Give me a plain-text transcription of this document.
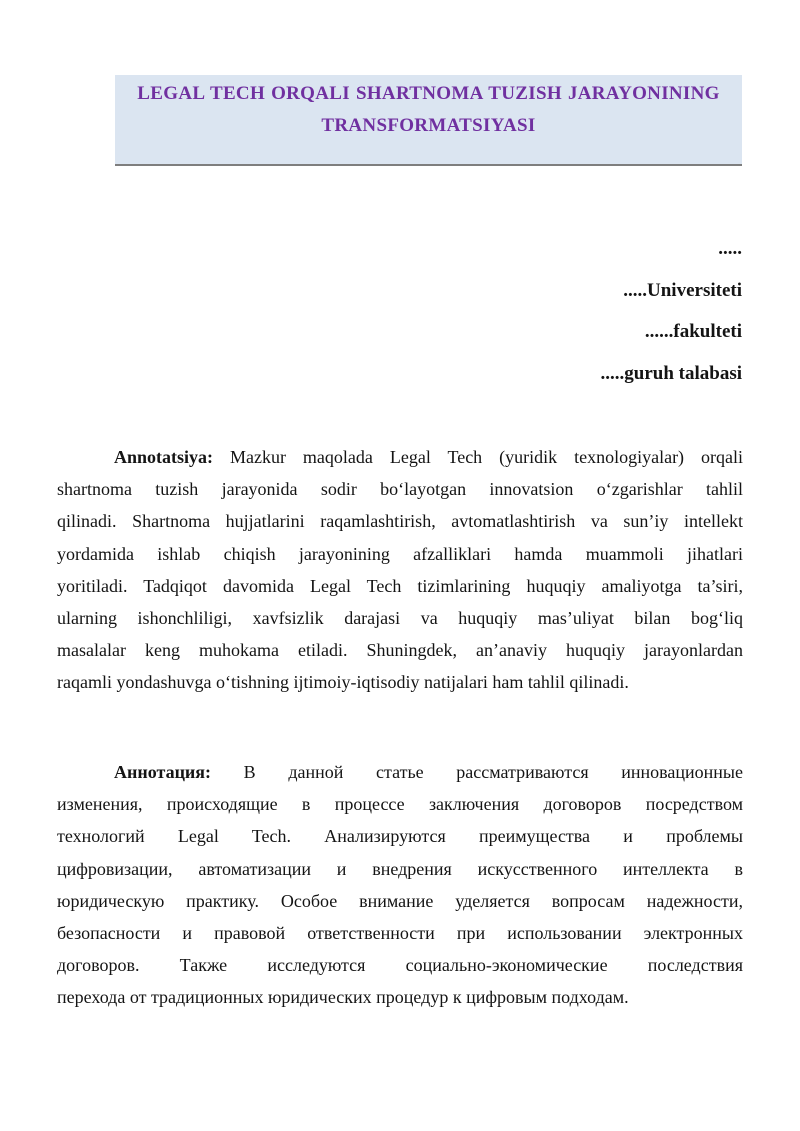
LEGAL TECH ORQALI SHARTNOMA TUZISH JARAYONINING
TRANSFORMATSIYASI
.....
.....Universiteti
......fakulteti
.....guruh talabasi
Annotatsiya: Mazkur maqolada Legal Tech (yuridik texnologiyalar) orqali
shartnoma tuzish jarayonida sodir bo‘layotgan innovatsion o‘zgarishlar tahlil
qilinadi. Shartnoma hujjatlarini raqamlashtirish, avtomatlashtirish va sun’iy intellekt
yordamida ishlab chiqish jarayonining afzalliklari hamda muammoli jihatlari
yoritiladi. Tadqiqot davomida Legal Tech tizimlarining huquqiy amaliyotga ta’siri,
ularning ishonchliligi, xavfsizlik darajasi va huquqiy mas’uliyat bilan bog‘liq
masalalar keng muhokama etiladi. Shuningdek, an’anaviy huquqiy jarayonlardan
raqamli yondashuvga o‘tishning ijtimoiy-iqtisodiy natijalari ham tahlil qilinadi.
Аннотация: В данной статье рассматриваются инновационные
изменения, происходящие в процессе заключения договоров посредством
технологий Legal Tech. Анализируются преимущества и проблемы
цифровизации, автоматизации и внедрения искусственного интеллекта в
юридическую практику. Особое внимание уделяется вопросам надежности,
безопасности и правовой ответственности при использовании электронных
договоров. Также исследуются социально-экономические последствия
перехода от традиционных юридических процедур к цифровым подходам.
